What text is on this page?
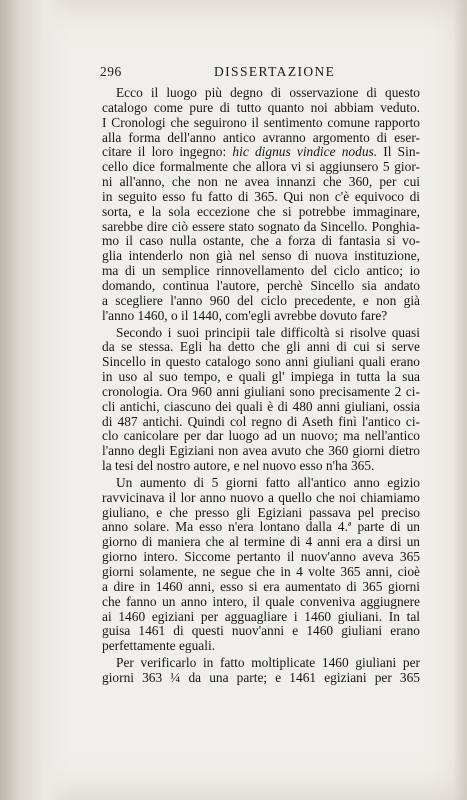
296	DISSERTAZIONE

Ecco il luogo più degno di osservazione di questo
catalogo come pure di tutto quanto noi abbiam veduto.
I Cronologi che seguirono il sentimento comune rapporto
alla forma dell'anno antico avranno argomento di eser-
citare il loro ingegno: hic dignus vindice nodus. Il Sin-
cello dice formalmente che allora vi si aggiunsero 5 gior-
ni all'anno, che non ne avea innanzi che 360, per cui
in seguito esso fu fatto di 365. Qui non c'è equivoco di
sorta, e la sola eccezione che si potrebbe immaginare,
sarebbe dire ciò essere stato sognato da Sincello. Ponghia-
mo il caso nulla ostante, che a forza di fantasia si vo-
glia intenderlo non già nel senso di nuova instituzione,
ma di un semplice rinnovellamento del ciclo antico; io
domando, continua l'autore, perchè Sincello sia andato
a scegliere l'anno 960 del ciclo precedente, e non già
l'anno 1460, o il 1440, com'egli avrebbe dovuto fare?

Secondo i suoi principii tale difficoltà si risolve quasi
da se stessa. Egli ha detto che gli anni di cui si serve
Sincello in questo catalogo sono anni giuliani quali erano
in uso al suo tempo, e quali gl' impiega in tutta la sua
cronologia. Ora 960 anni giuliani sono precisamente 2 ci-
cli antichi, ciascuno dei quali è di 480 anni giuliani, ossia
di 487 antichi. Quindi col regno di Aseth finì l'antico ci-
clo canicolare per dar luogo ad un nuovo; ma nell'antico
l'anno degli Egiziani non avea avuto che 360 giorni dietro
la tesi del nostro autore, e nel nuovo esso n'ha 365.

Un aumento di 5 giorni fatto all'antico anno egizio
ravvicinava il lor anno nuovo a quello che noi chiamiamo
giuliano, e che presso gli Egiziani passava pel preciso
anno solare. Ma esso n'era lontano dalla 4.ª parte di un
giorno di maniera che al termine di 4 anni era a dirsi un
giorno intero. Siccome pertanto il nuov'anno aveva 365
giorni solamente, ne segue che in 4 volte 365 anni, cioè
a dire in 1460 anni, esso si era aumentato di 365 giorni
che fanno un anno intero, il quale conveniva aggiugnere
ai 1460 egiziani per agguagliare i 1460 giuliani. In tal
guisa 1461 di questi nuov'anni e 1460 giuliani erano
perfettamente eguali.

Per verificarlo in fatto moltiplicate 1460 giuliani per
giorni 363 ¼ da una parte; e 1461 egiziani per 365
